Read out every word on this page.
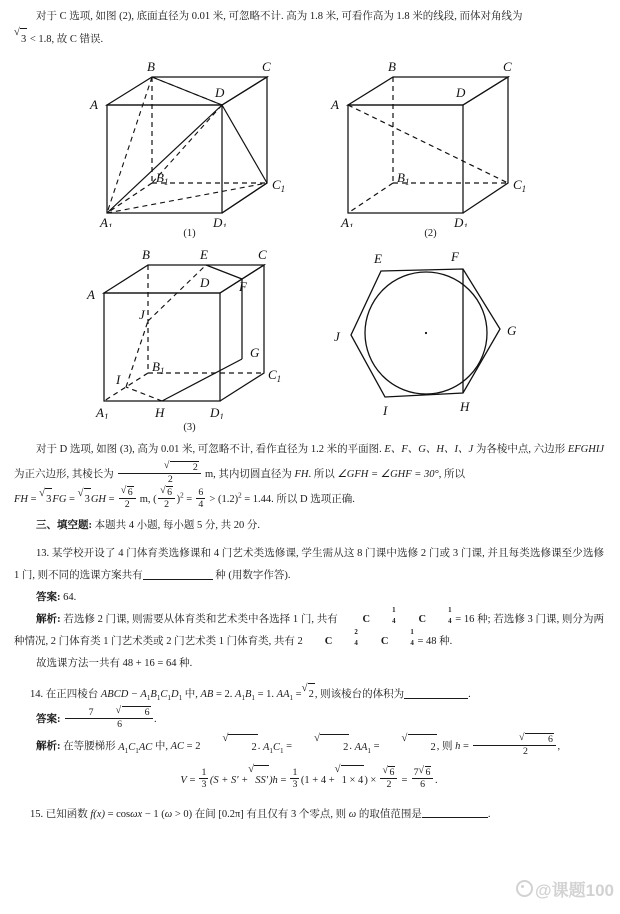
对于 C 选项, 如图 (2), 底面直径为 0.01 米, 可忽略不计. 高为 1.8 米, 可看作高为 1.8 米的线段, 而体对角线为

√
3 < 1.8, 故 C 错误.

A
B	C
D
$B_1$	$C_1$
$A_1$	$D_1$
(1)
A
B	C
D
$B_1$	$C_1$
$A_1$	$D_1$
(2)
A
B	E	C
D F
J
$B_1$
G
I	$C_1$
$A_1$	H	$D_1$
(3)
E	F
G
H
I
J

对于 D 选项, 如图 (3), 高为 0.01 米, 可忽略不计, 看作直径为 1.2 米的平面图. E、F、G、H、I、J 为各棱中点, 六边形 EFGHIJ 为正六边形, 其棱长为 $\frac{√ 2}{2} m$, 其内切圆直径为 FH. 所以 ∠GFH = ∠GHF = 30°, 所以

FH =
√
3FG =
√
$3GH = \frac{√ 6}{2} m$, ( $\frac{√ 6}{2} )^2 = \frac{6}{4} > (1.2)^2 = 1.44$. 所以 D 选项正确.

三、填空题: 本题共 4 小题, 每小题 5 分, 共 20 分.

13. 某学校开设了 4 门体育类选修课和 4 门艺术类选修课, 学生需从这 8 门课中选修 2 门或 3 门课, 并且每类选修课至少选修 1 门, 则不同的选课方案共有	种 (用数字作答).

答案: 64.

解析: 若选修 2 门课, 则需要从体育类和艺术类中各选择 1 门, 共有 C
1
4 C
1
4 = 16 种; 若选修 3 门课, 则分为两种情况, 2 门体育类 1 门艺术类或 2 门艺术类 1 门体育类, 共有 2 C
2
4 C
1
4 = 48 种.

故选课方法一共有 48 + 16 = 64 种.

14. 在正四棱台 ABCD − $A_1B_1C_1D_1$ 中, AB = 2. $A_1B_1 = 1$. $AA_1$ =
√
2, 则该棱台的体积为	.

答案: 7	√ 6
6 .

解析: 在等腰梯形 $A_1C_1AC$ 中, AC = 2
√
2. $A_1C_1$ =
√
2. $AA_1$ =
√
2, 则 $h = \frac{√ 6}{2}$ ,

$V = \frac{1}{3} (S + S'$ +
√
$SS')h = \frac{1}{3} (1 + 4$ +
√
$1 \times 4) \times \frac{√ 6}{2} = \frac{7 √ 6}{6}$ .

15. 已知函数 f(x) = cosωx − 1 (ω > 0) 在间 [0.2π] 有且仅有 3 个零点, 则 ω 的取值范围是	.

@课题100
